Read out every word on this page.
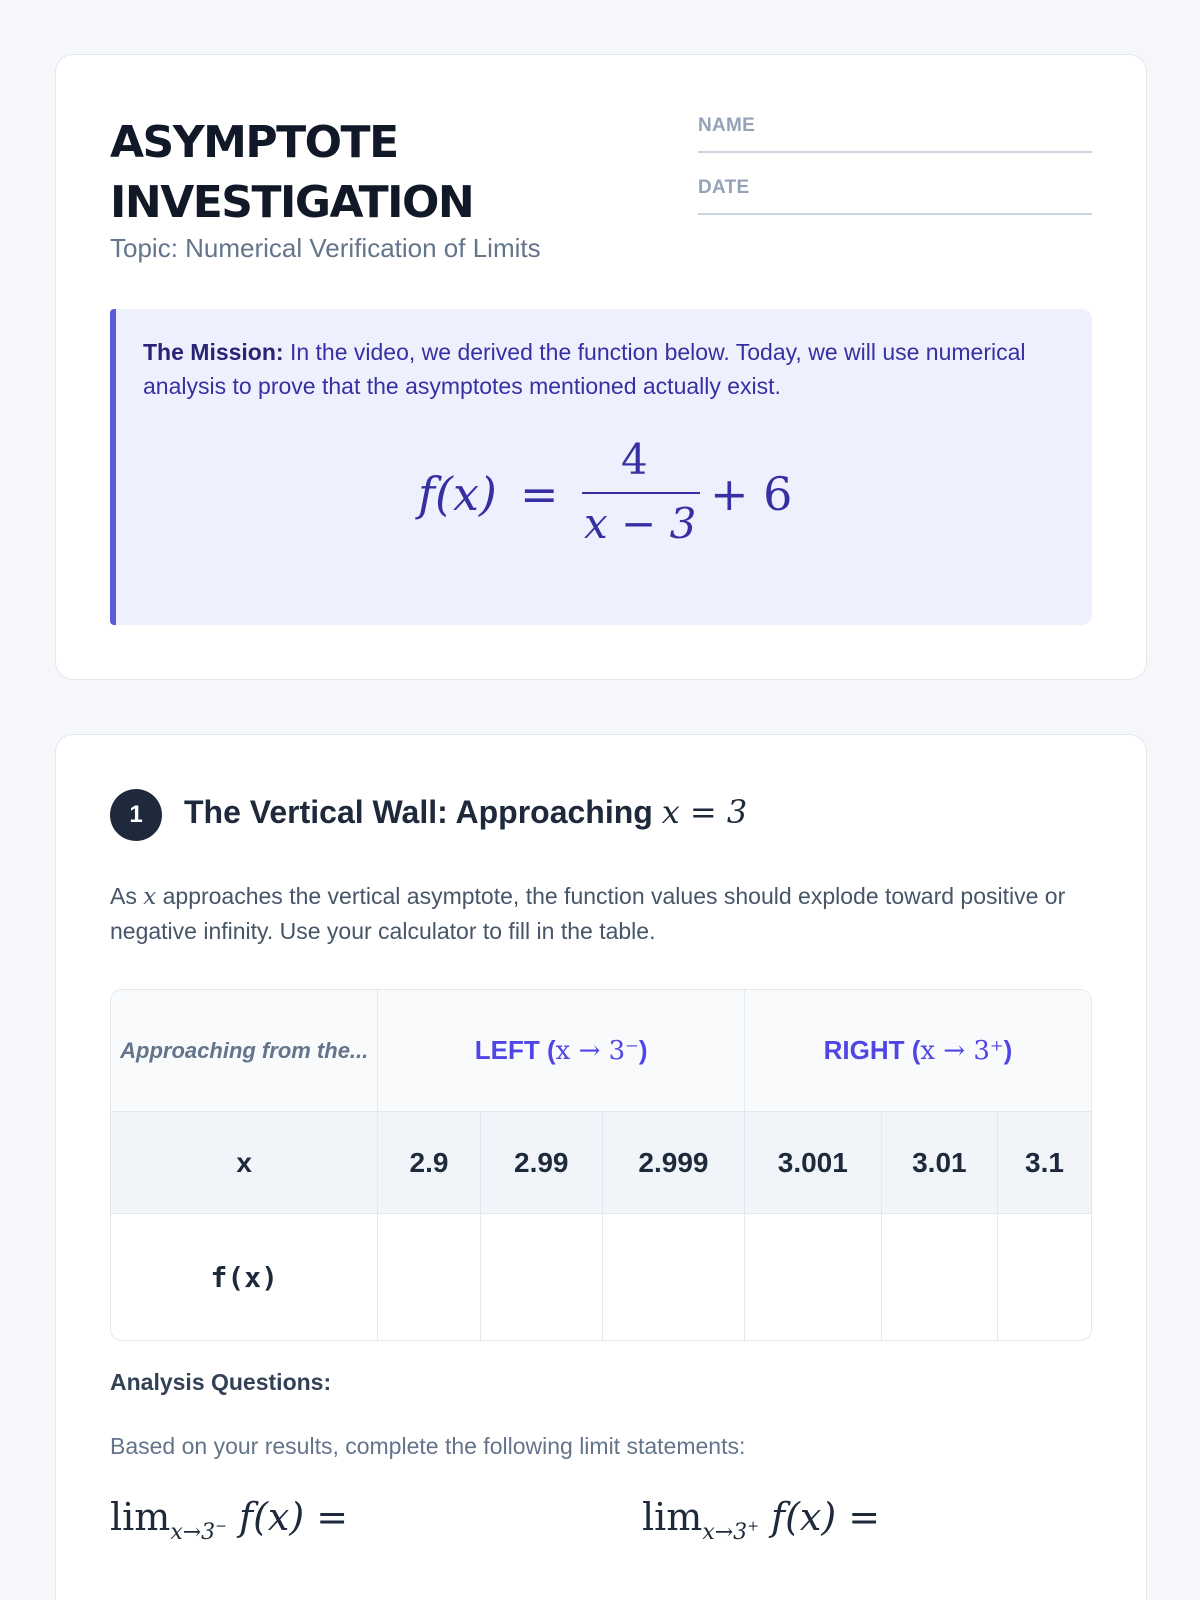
ASYMPTOTE
INVESTIGATION
Topic: Numerical Verification of Limits
NAME
DATE
The Mission: In the video, we derived the function below. Today, we will use numerical analysis to prove that the asymptotes mentioned actually exist.
f(x) =
4
x − 3
+ 6
1	The Vertical Wall: Approaching x = 3
As x approaches the vertical asymptote, the function values should explode toward positive or negative infinity. Use your calculator to fill in the table.
Approaching from the...	LEFT (x → 3⁻)			RIGHT (x → 3⁺)		
x	2.9	2.99	2.999	3.001	3.01	3.1
f(x)						
Analysis Questions:
Based on your results, complete the following limit statements:
$\lim_{x\to 3^-} f(x)$ =	$\lim_{x\to 3^+} f(x)$ =
